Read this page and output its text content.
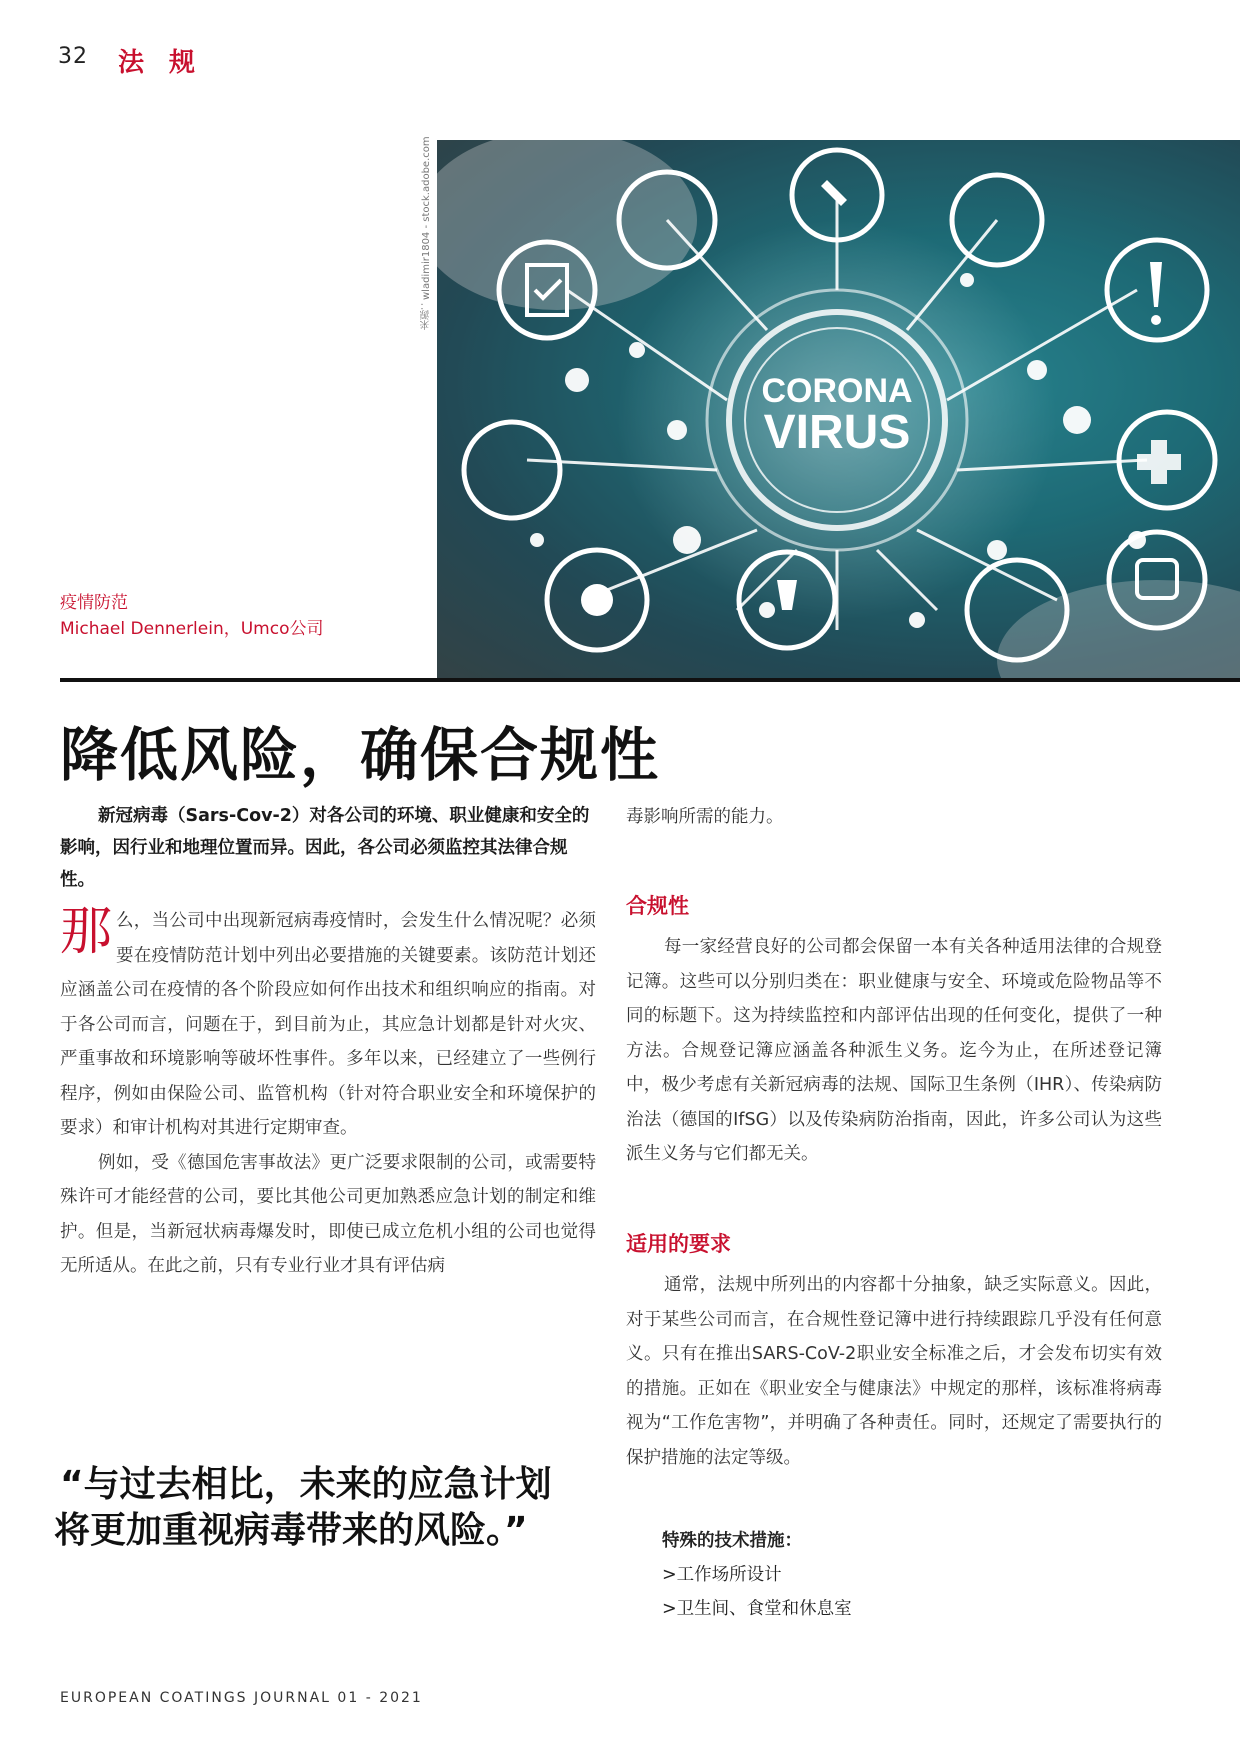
32 法 规
来源：wladimir1804 - stock.adobe.com
CORONA
VIRUS
疫情防范
Michael Dennerlein，Umco公司
降低风险，确保合规性
新冠病毒（Sars-Cov-2）对各公司的环境、职业健康和安全的影响，因行业和地理位置而异。因此，各公司必须监控其法律合规性。

那么，当公司中出现新冠病毒疫情时，会发生什么情况呢？必须要在疫情防范计划中列出必要措施的关键要素。该防范计划还应涵盖公司在疫情的各个阶段应如何作出技术和组织响应的指南。对于各公司而言，问题在于，到目前为止，其应急计划都是针对火灾、严重事故和环境影响等破坏性事件。多年以来，已经建立了一些例行程序，例如由保险公司、监管机构（针对符合职业安全和环境保护的要求）和审计机构对其进行定期审查。

例如，受《德国危害事故法》更广泛要求限制的公司，或需要特殊许可才能经营的公司，要比其他公司更加熟悉应急计划的制定和维护。但是，当新冠状病毒爆发时，即使已成立危机小组的公司也觉得无所适从。在此之前，只有专业行业才具有评估病

毒影响所需的能力。
合规性

每一家经营良好的公司都会保留一本有关各种适用法律的合规登记簿。这些可以分别归类在：职业健康与安全、环境或危险物品等不同的标题下。这为持续监控和内部评估出现的任何变化，提供了一种方法。合规登记簿应涵盖各种派生义务。迄今为止，在所述登记簿中，极少考虑有关新冠病毒的法规、国际卫生条例（IHR）、传染病防治法（德国的IfSG）以及传染病防治指南，因此，许多公司认为这些派生义务与它们都无关。

适用的要求

通常，法规中所列出的内容都十分抽象，缺乏实际意义。因此，对于某些公司而言，在合规性登记簿中进行持续跟踪几乎没有任何意义。只有在推出SARS-CoV-2职业安全标准之后，才会发布切实有效的措施。正如在《职业安全与健康法》中规定的那样，该标准将病毒视为“工作危害物”，并明确了各种责任。同时，还规定了需要执行的保护措施的法定等级。

“与过去相比，未来的应急计划
将更加重视病毒带来的风险。”	特殊的技术措施：
>工作场所设计
>卫生间、食堂和休息室
EUROPEAN COATINGS JOURNAL 01 - 2021
